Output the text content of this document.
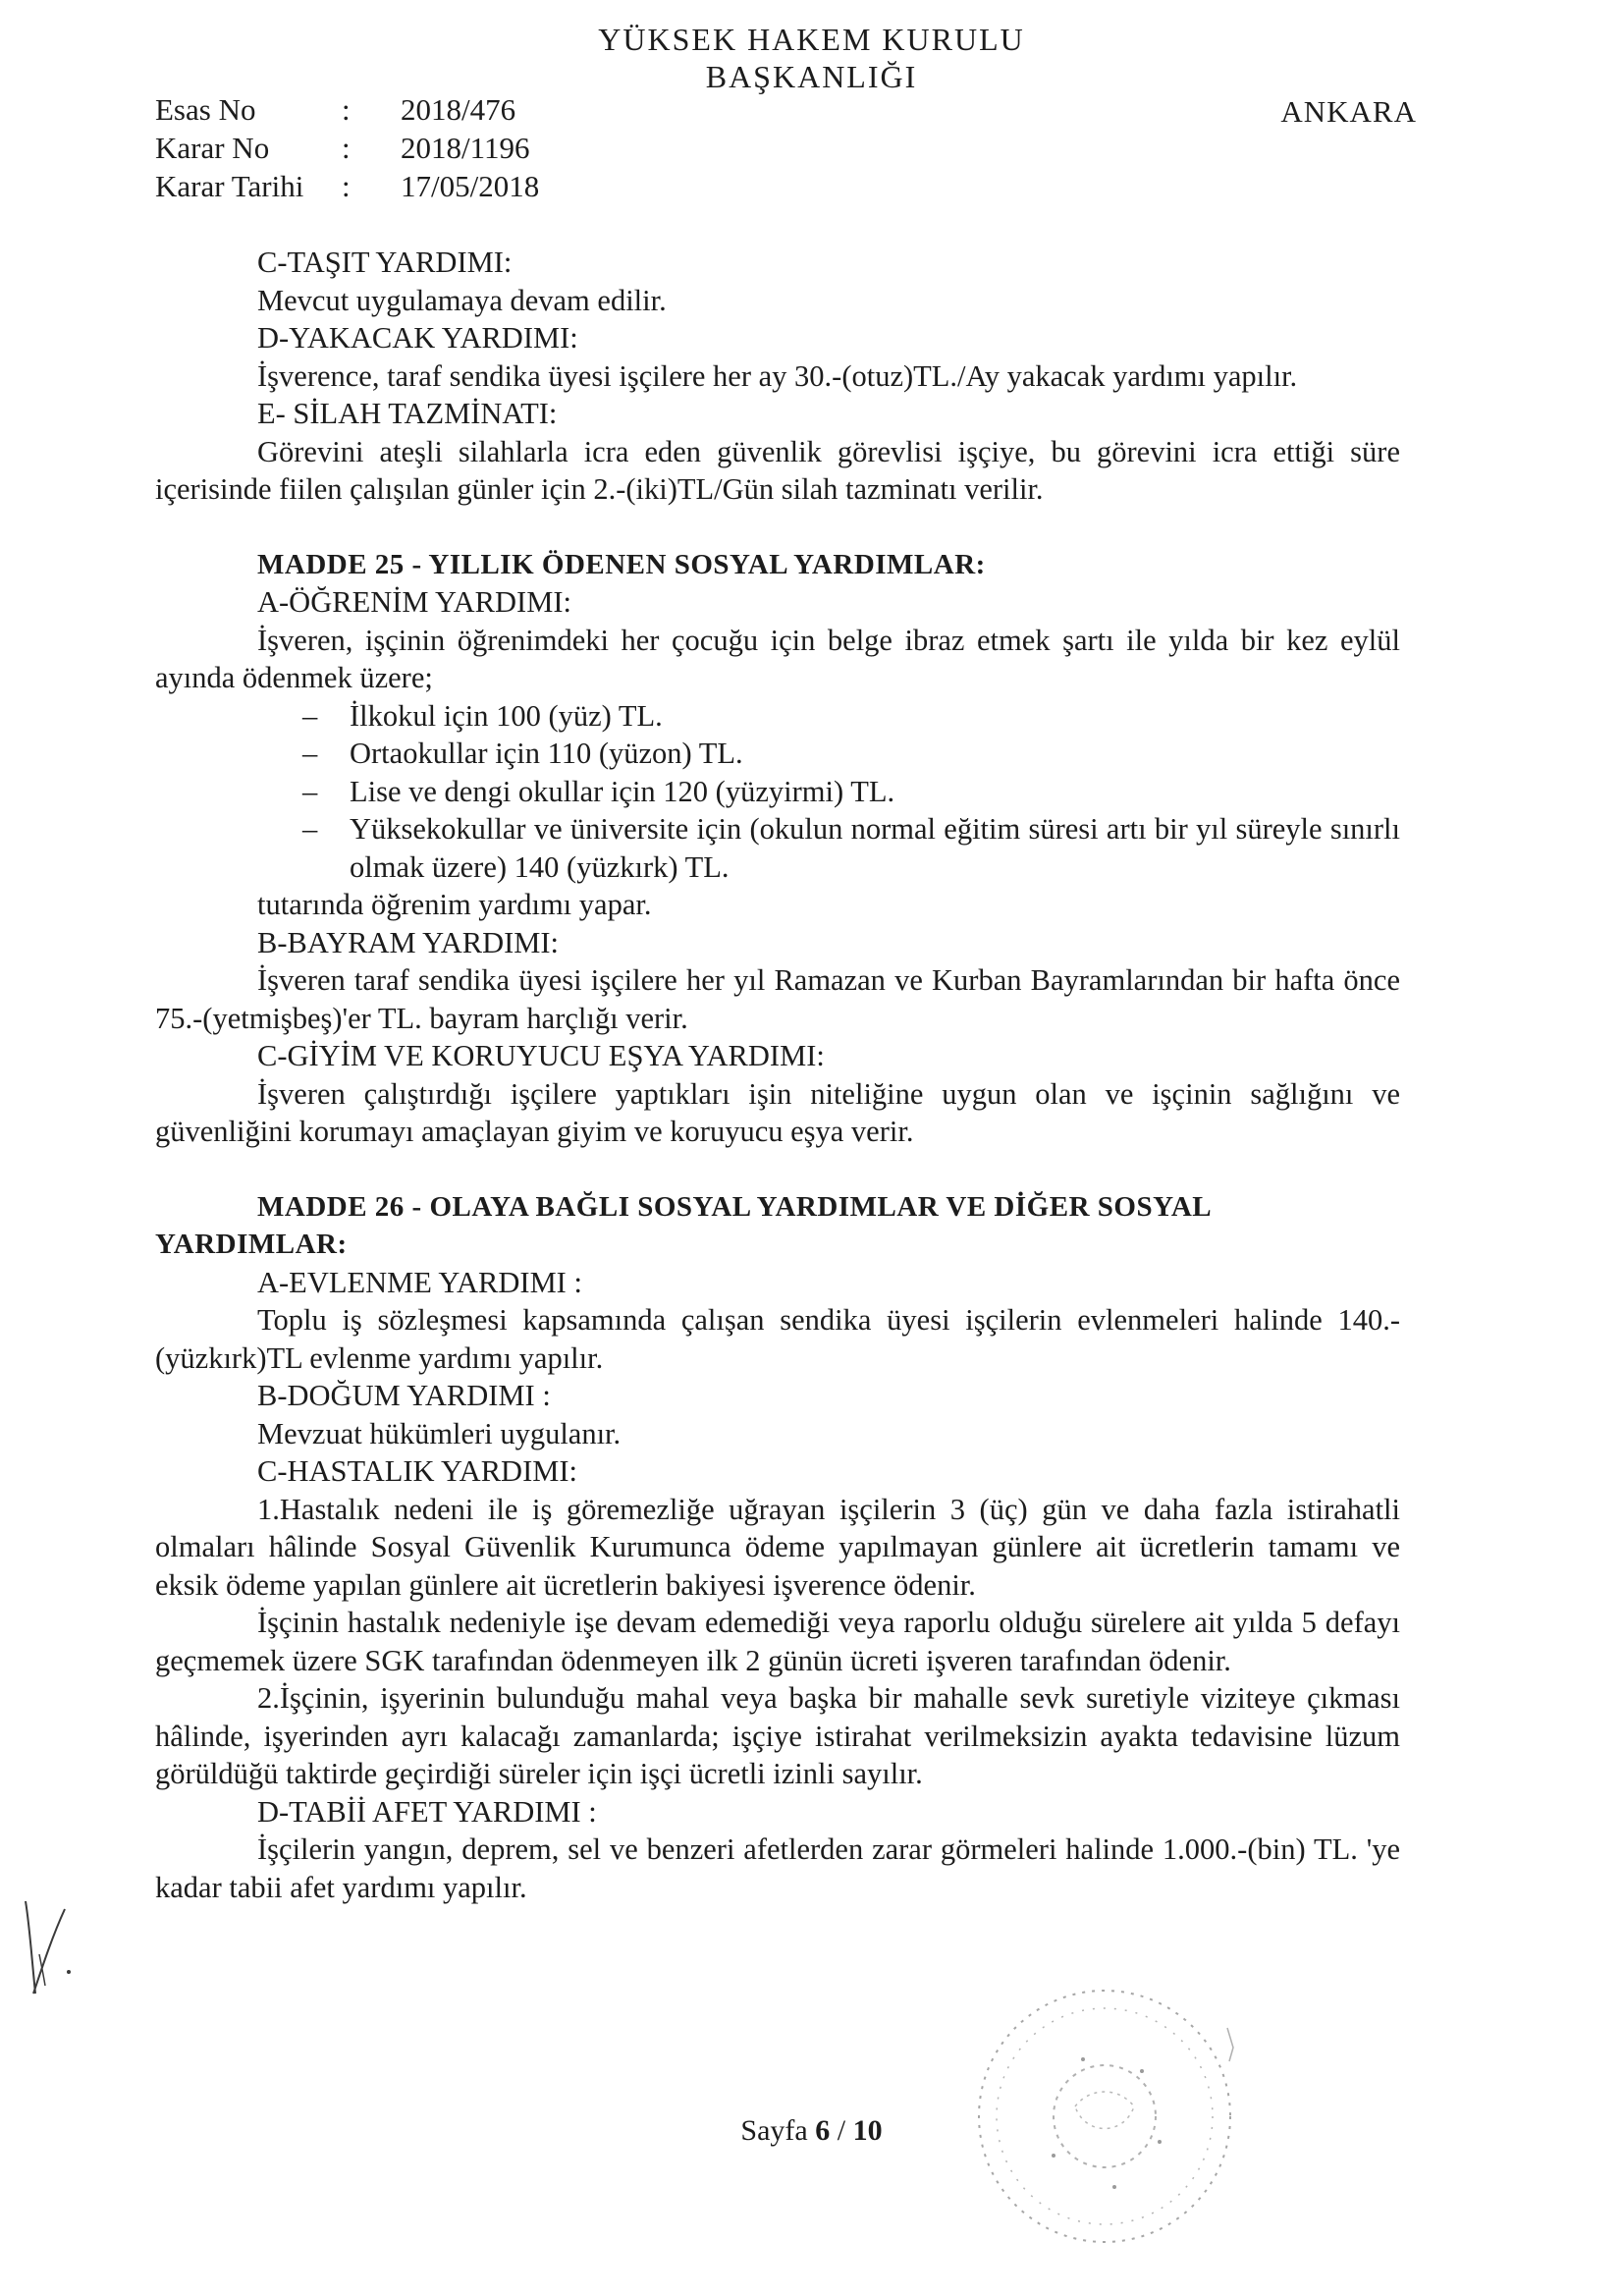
YÜKSEK HAKEM KURULU
BAŞKANLIĞI
ANKARA
Esas No	: 2018/476
Karar No : 2018/1196
Karar Tarihi : 17/05/2018

C-TAŞIT YARDIMI:

Mevcut uygulamaya devam edilir.

D-YAKACAK YARDIMI:

İşverence, taraf sendika üyesi işçilere her ay 30.-(otuz)TL./Ay yakacak yardımı yapılır.

E- SİLAH TAZMİNATI:

Görevini ateşli silahlarla icra eden güvenlik görevlisi işçiye, bu görevini icra ettiği süre içerisinde fiilen çalışılan günler için 2.-(iki)TL/Gün silah tazminatı verilir.

MADDE 25 - YILLIK ÖDENEN SOSYAL YARDIMLAR:

A-ÖĞRENİM YARDIMI:

İşveren, işçinin öğrenimdeki her çocuğu için belge ibraz etmek şartı ile yılda bir kez eylül ayında ödenmek üzere;

– İlkokul için 100 (yüz) TL.
– Ortaokullar için 110 (yüzon) TL.
– Lise ve dengi okullar için 120 (yüzyirmi) TL.
– Yüksekokullar ve üniversite için (okulun normal eğitim süresi artı bir yıl süreyle sınırlı olmak üzere) 140 (yüzkırk) TL.

tutarında öğrenim yardımı yapar.

B-BAYRAM YARDIMI:

İşveren taraf sendika üyesi işçilere her yıl Ramazan ve Kurban Bayramlarından bir hafta önce 75.-(yetmişbeş)'er TL. bayram harçlığı verir.

C-GİYİM VE KORUYUCU EŞYA YARDIMI:

İşveren çalıştırdığı işçilere yaptıkları işin niteliğine uygun olan ve işçinin sağlığını ve güvenliğini korumayı amaçlayan giyim ve koruyucu eşya verir.

MADDE 26 - OLAYA BAĞLI SOSYAL YARDIMLAR VE DİĞER SOSYAL

YARDIMLAR:

A-EVLENME YARDIMI :

Toplu iş sözleşmesi kapsamında çalışan sendika üyesi işçilerin evlenmeleri halinde 140.-(yüzkırk)TL evlenme yardımı yapılır.

B-DOĞUM YARDIMI :

Mevzuat hükümleri uygulanır.

C-HASTALIK YARDIMI:

1.Hastalık nedeni ile iş göremezliğe uğrayan işçilerin 3 (üç) gün ve daha fazla istirahatli olmaları hâlinde Sosyal Güvenlik Kurumunca ödeme yapılmayan günlere ait ücretlerin tamamı ve eksik ödeme yapılan günlere ait ücretlerin bakiyesi işverence ödenir.

İşçinin hastalık nedeniyle işe devam edemediği veya raporlu olduğu sürelere ait yılda 5 defayı geçmemek üzere SGK tarafından ödenmeyen ilk 2 günün ücreti işveren tarafından ödenir.

2.İşçinin, işyerinin bulunduğu mahal veya başka bir mahalle sevk suretiyle viziteye çıkması hâlinde, işyerinden ayrı kalacağı zamanlarda; işçiye istirahat verilmeksizin ayakta tedavisine lüzum görüldüğü taktirde geçirdiği süreler için işçi ücretli izinli sayılır.

D-TABİİ AFET YARDIMI :

İşçilerin yangın, deprem, sel ve benzeri afetlerden zarar görmeleri halinde 1.000.-(bin) TL. 'ye kadar tabii afet yardımı yapılır.

Sayfa 6 / 10
